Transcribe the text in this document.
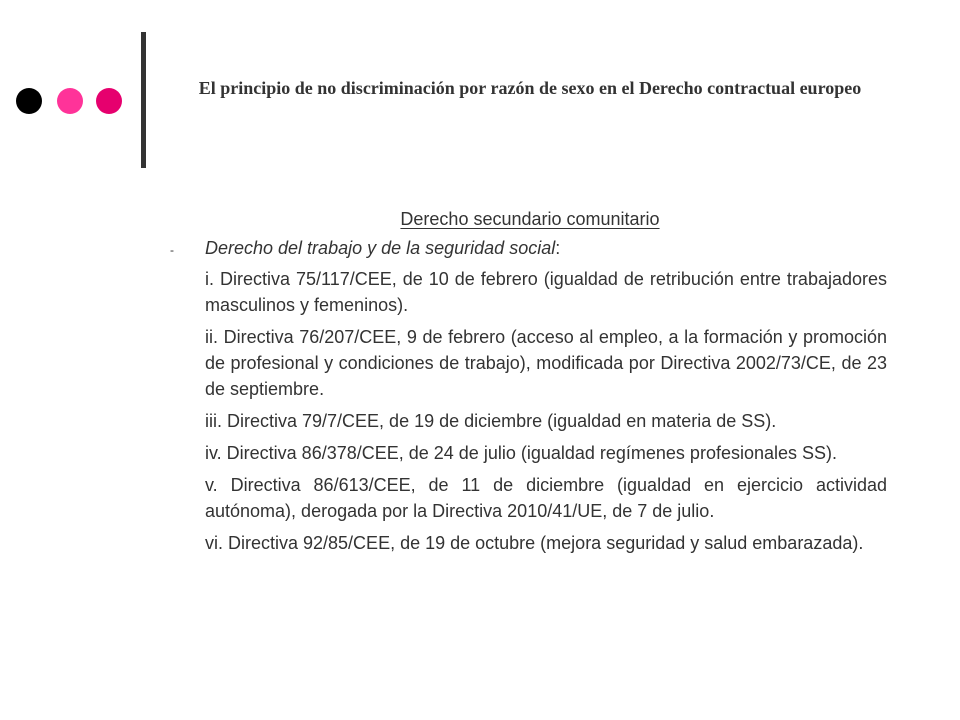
El principio de no discriminación por razón de sexo en el Derecho contractual europeo
Derecho secundario comunitario
- Derecho del trabajo y de la seguridad social:

i. Directiva 75/117/CEE, de 10 de febrero (igualdad de retribución entre trabajadores masculinos y femeninos).

ii. Directiva 76/207/CEE, 9 de febrero (acceso al empleo, a la formación y promoción de profesional y condiciones de trabajo), modificada por Directiva 2002/73/CE, de 23 de septiembre.

iii. Directiva 79/7/CEE, de 19 de diciembre (igualdad en materia de SS).

iv. Directiva 86/378/CEE, de 24 de julio (igualdad regímenes profesionales SS).

v. Directiva 86/613/CEE, de 11 de diciembre (igualdad en ejercicio actividad autónoma), derogada por la Directiva 2010/41/UE, de 7 de julio.

vi. Directiva 92/85/CEE, de 19 de octubre (mejora seguridad y salud embarazada).
